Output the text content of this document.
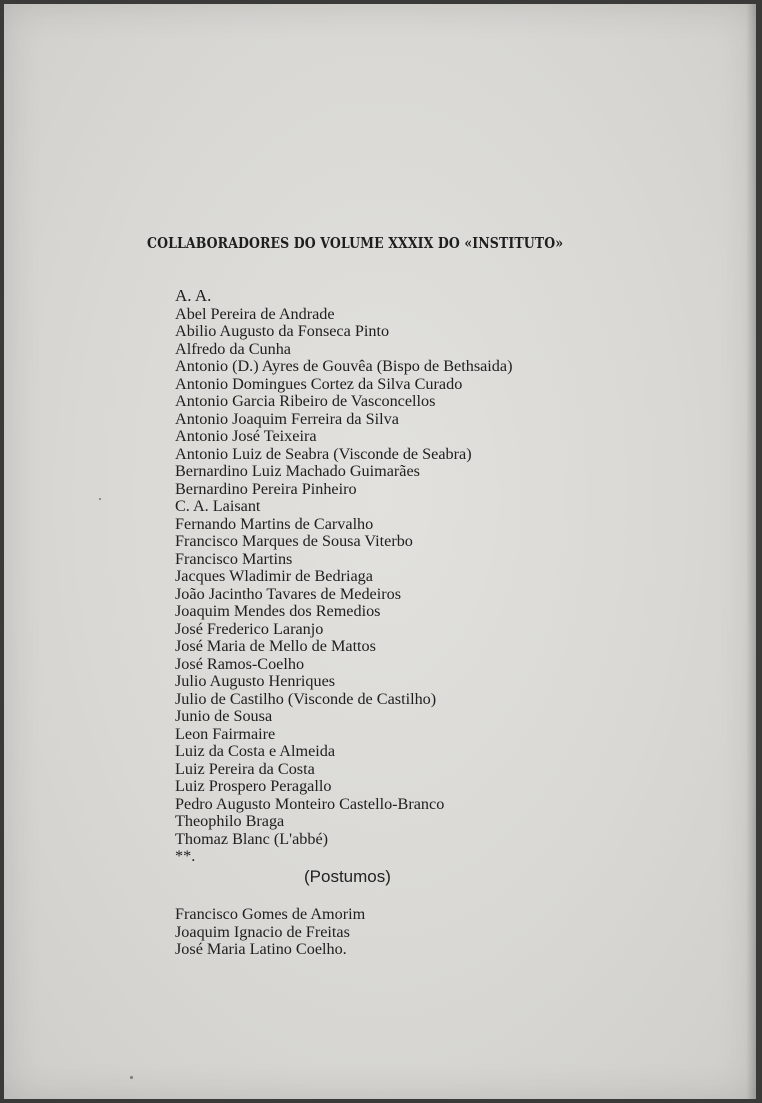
COLLABORADORES DO VOLUME XXXIX DO «INSTITUTO»
A. A.
Abel Pereira de Andrade
Abilio Augusto da Fonseca Pinto
Alfredo da Cunha
Antonio (D.) Ayres de Gouvêa (Bispo de Bethsaida)
Antonio Domingues Cortez da Silva Curado
Antonio Garcia Ribeiro de Vasconcellos
Antonio Joaquim Ferreira da Silva
Antonio José Teixeira
Antonio Luiz de Seabra (Visconde de Seabra)
Bernardino Luiz Machado Guimarães
Bernardino Pereira Pinheiro
C. A. Laisant
Fernando Martins de Carvalho
Francisco Marques de Sousa Viterbo
Francisco Martins
Jacques Wladimir de Bedriaga
João Jacintho Tavares de Medeiros
Joaquim Mendes dos Remedios
José Frederico Laranjo
José Maria de Mello de Mattos
José Ramos-Coelho
Julio Augusto Henriques
Julio de Castilho (Visconde de Castilho)
Junio de Sousa
Leon Fairmaire
Luiz da Costa e Almeida
Luiz Pereira da Costa
Luiz Prospero Peragallo
Pedro Augusto Monteiro Castello-Branco
Theophilo Braga
Thomaz Blanc (L'abbé)
**.
(Postumos)
Francisco Gomes de Amorim
Joaquim Ignacio de Freitas
José Maria Latino Coelho.
